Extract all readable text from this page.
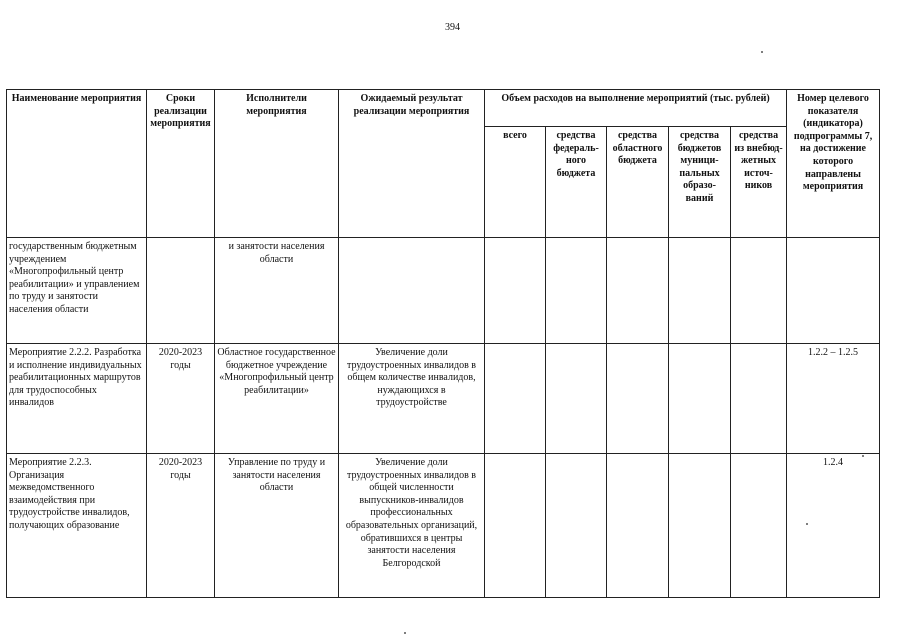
394
Наименование мероприятия	Сроки реализации мероприятия	Исполнители мероприятия	Ожидаемый результат реализации мероприятия	Объем расходов на выполнение мероприятий (тыс. рублей)					Номер целевого показателя (индикатора) подпрограммы 7, на достижение которого направлены мероприятия
				всего	средства федераль-ного бюджета	средства областного бюджета	средства бюджетов муници-пальных образо-ваний	средства из внебюд-жетных источ-ников	
государственным бюджетным учреждением «Многопрофильный центр реабилитации» и управлением по труду и занятости населения области		и занятости населения области							
Мероприятие 2.2.2. Разработка и исполнение индивидуальных реабилитационных маршрутов для трудоспособных инвалидов	2020-2023 годы	Областное государственное бюджетное учреждение «Многопрофильный центр реабилитации»	Увеличение доли трудоустроенных инвалидов в общем количестве инвалидов, нуждающихся в трудоустройстве						1.2.2 – 1.2.5
Мероприятие 2.2.3. Организация межведомственного взаимодействия при трудоустройстве инвалидов, получающих образование	2020-2023 годы	Управление по труду и занятости населения области	Увеличение доли трудоустроенных инвалидов в общей численности выпускников-инвалидов профессиональных образовательных организаций, обратившихся в центры занятости населения Белгородской						1.2.4
